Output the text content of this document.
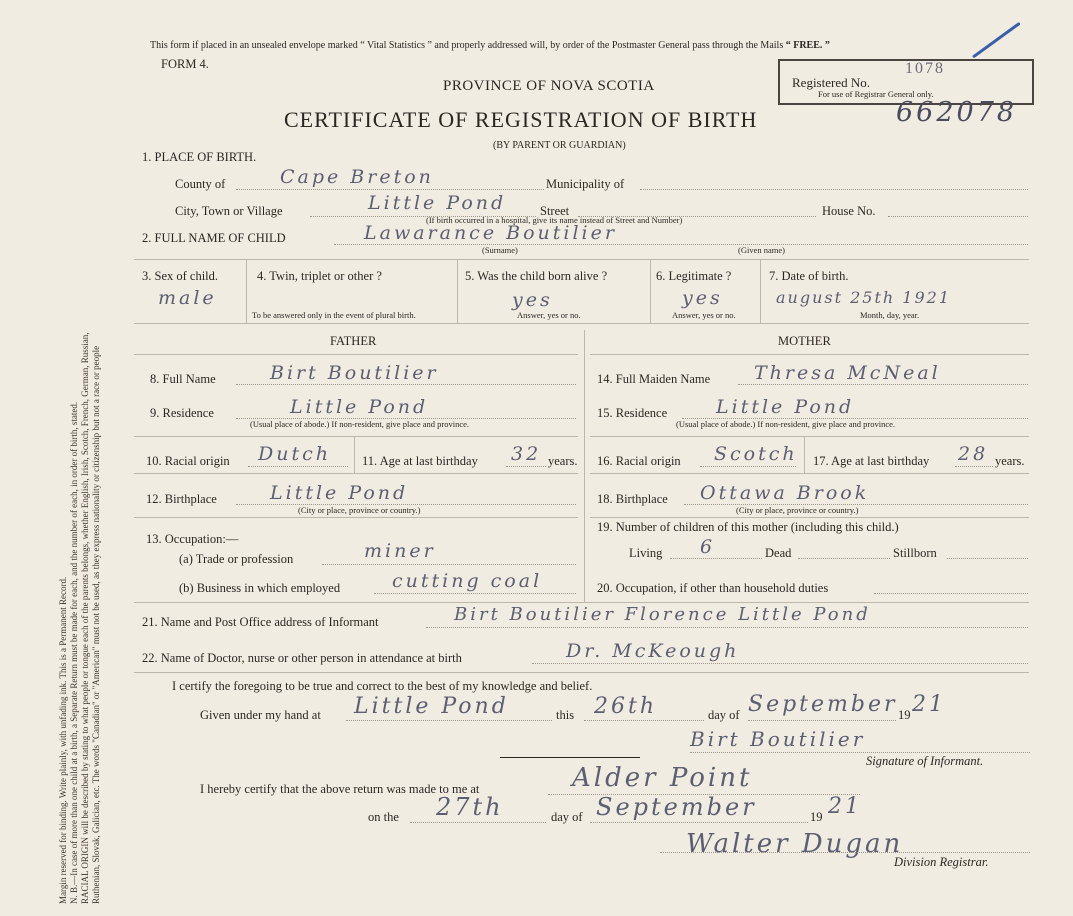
Margin reserved for binding. Write plainly, with unfading ink. This is a Permanent Record. N. B.—In case of more than one child at a birth, a Separate Return must be made for each, and the number of each, in order of birth, stated. RACIAL ORIGIN will be described by stating to what people or tongue each of the parents belongs, whether English, Irish, Scotch, French, German, Russian, Ruthenian, Slovak, Galician, etc. The words "Canadian" or "American" must not be used, as they express nationality or citizenship but not a race or people
This form if placed in an unsealed envelope marked “ Vital Statistics ” and properly addressed will, by order of the Postmaster General pass through the Mails “ FREE. ”
FORM 4.
Registered No.
1078
For use of Registrar General only.
PROVINCE OF NOVA SCOTIA
CERTIFICATE OF REGISTRATION OF BIRTH	662078
(BY PARENT OR GUARDIAN)
1. PLACE OF BIRTH.
County of	Cape Breton	Municipality of
City, Town or Village	Little Pond	Street
(If birth occurred in a hospital, give its name instead of Street and Number)
House No.
2. FULL NAME OF CHILD	Lawarance Boutilier
(Surname)	(Given name)
3. Sex of child.
male
4. Twin, triplet or other ?
To be answered only in the event of plural birth.
5. Was the child born alive ?
yes
Answer, yes or no.
6. Legitimate ?
yes
Answer, yes or no.
7. Date of birth.
august 25th 1921
Month, day, year.
FATHER	MOTHER
8. Full Name	Birt Boutilier
9. Residence	Little Pond
(Usual place of abode.) If non-resident, give place and province.
10. Racial origin Dutch 11. Age at last birthday 32 years.
12. Birthplace	Little Pond
(City or place, province or country.)
13. Occupation:—
(a) Trade or profession	miner
(b) Business in which employed	cutting coal
14. Full Maiden Name Thresa McNeal
15. Residence	Little Pond
(Usual place of abode.) If non-resident, give place and province.
16. Racial origin Scotch 17. Age at last birthday 28 years.
18. Birthplace Ottawa Brook
(City or place, province or country.)
19. Number of children of this mother (including this child.)
Living 6	Dead	Stillborn
20. Occupation, if other than household duties
21. Name and Post Office address of Informant	Birt Boutilier Florence Little Pond
22. Name of Doctor, nurse or other person in attendance at birth	Dr. McKeough
I certify the foregoing to be true and correct to the best of my knowledge and belief.
Given under my hand at Little Pond	this 26th	day of September 19 21
Birt Boutilier
Signature of Informant.
I hereby certify that the above return was made to me at	Alder Point
on the 27th	day of September	19 21
Walter Dugan
Division Registrar.
